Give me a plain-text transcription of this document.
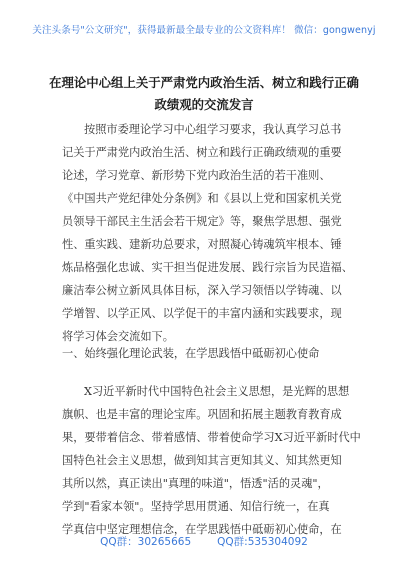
关注头条号"公文研究"，获得最新最全最专业的公文资料库！ 微信：gongwenyj
在理论中心组上关于严肃党内政治生活、树立和践行正确
政绩观的交流发言
按照市委理论学习中心组学习要求，我认真学习总书
记关于严肃党内政治生活、树立和践行正确政绩观的重要
论述，学习党章、新形势下党内政治生活的若干准则、
《中国共产党纪律处分条例》和《县以上党和国家机关党
员领导干部民主生活会若干规定》等，聚焦学思想、强党
性、重实践、建新功总要求，对照凝心铸魂筑牢根本、锤
炼品格强化忠诚、实干担当促进发展、践行宗旨为民造福、
廉洁奉公树立新风具体目标，深入学习领悟以学铸魂、以
学增智、以学正风、以学促干的丰富内涵和实践要求，现
将学习体会交流如下。
一、始终强化理论武装，在学思践悟中砥砺初心使命
X习近平新时代中国特色社会主义思想，是光辉的思想
旗帜、也是丰富的理论宝库。巩固和拓展主题教育教育成
果，要带着信念、带着感情、带着使命学习X习近平新时代中
国特色社会主义思想，做到知其言更知其义、知其然更知
其所以然，真正读出"真理的味道"，悟透"活的灵魂"，
学到"看家本领"。坚持学思用贯通、知信行统一，在真
学真信中坚定理想信念，在学思践悟中砥砺初心使命，在
QQ群：30265665 QQ群:535304092
